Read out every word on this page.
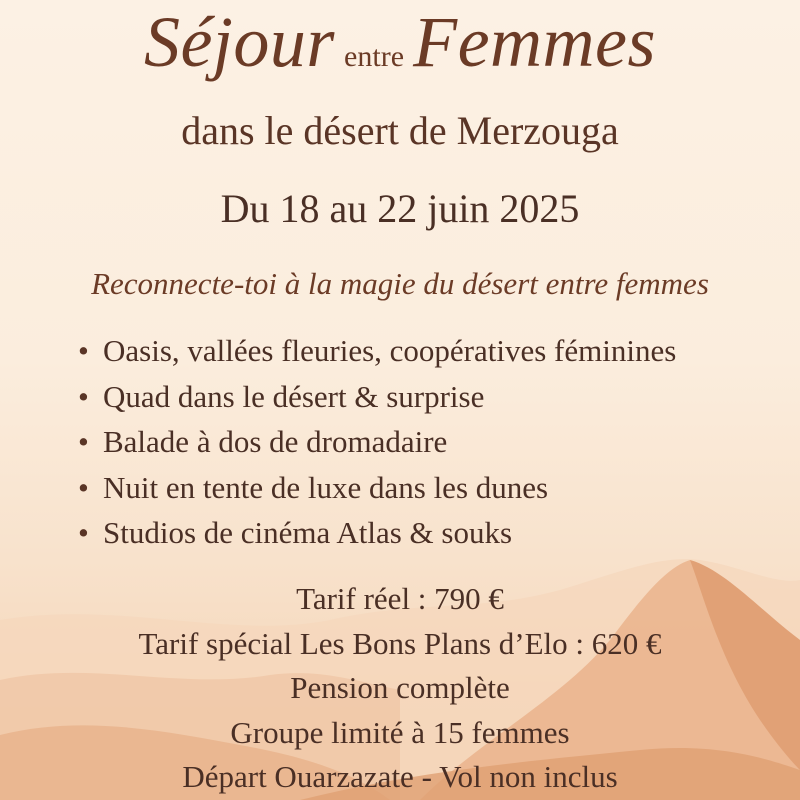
Séjour entre Femmes
dans le désert de Merzouga
Du 18 au 22 juin 2025
Reconnecte-toi à la magie du désert entre femmes
• Oasis, vallées fleuries, coopératives féminines
• Quad dans le désert & surprise
• Balade à dos de dromadaire
• Nuit en tente de luxe dans les dunes
• Studios de cinéma Atlas & souks
Tarif réel : 790 €
Tarif spécial Les Bons Plans d’Elo : 620 €
Pension complète
Groupe limité à 15 femmes
Départ Ouarzazate - Vol non inclus
